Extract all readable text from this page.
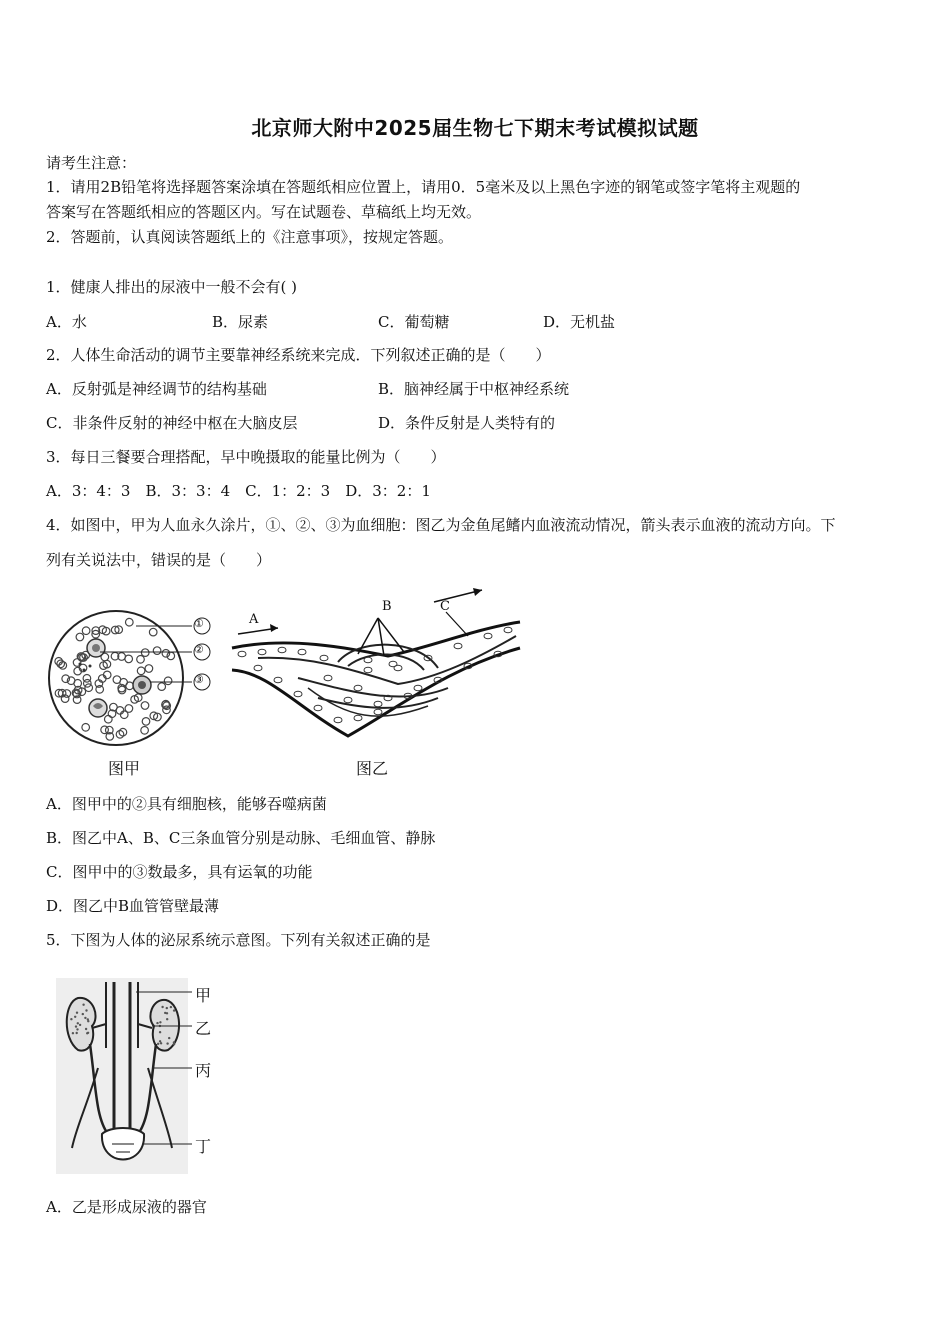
北京师大附中2025届生物七下期末考试模拟试题
请考生注意：
1．请用2B铅笔将选择题答案涂填在答题纸相应位置上，请用0．5毫米及以上黑色字迹的钢笔或签字笔将主观题的
答案写在答题纸相应的答题区内。写在试题卷、草稿纸上均无效。
2．答题前，认真阅读答题纸上的《注意事项》，按规定答题。
1．健康人排出的尿液中一般不会有( )
A．水	B．尿素	C．葡萄糖	D．无机盐
2．人体生命活动的调节主要靠神经系统来完成．下列叙述正确的是（　　）
A．反射弧是神经调节的结构基础	B．脑神经属于中枢神经系统
C．非条件反射的神经中枢在大脑皮层	D．条件反射是人类特有的
3．每日三餐要合理搭配，早中晚摄取的能量比例为（　　）
A．3：4：3　B．3：3：4　C．1：2：3　D．3：2：1
4．如图中，甲为人血永久涂片，①、②、③为血细胞：图乙为金鱼尾鳍内血液流动情况，箭头表示血液的流动方向。下
列有关说法中，错误的是（　　）
①
②
③
图甲
A
B	C
图乙
A．图甲中的②具有细胞核，能够吞噬病菌
B．图乙中A、B、C三条血管分别是动脉、毛细血管、静脉
C．图甲中的③数最多，具有运氧的功能
D．图乙中B血管管壁最薄
5．下图为人体的泌尿系统示意图。下列有关叙述正确的是
甲
乙
丙
丁
A．乙是形成尿液的器官
